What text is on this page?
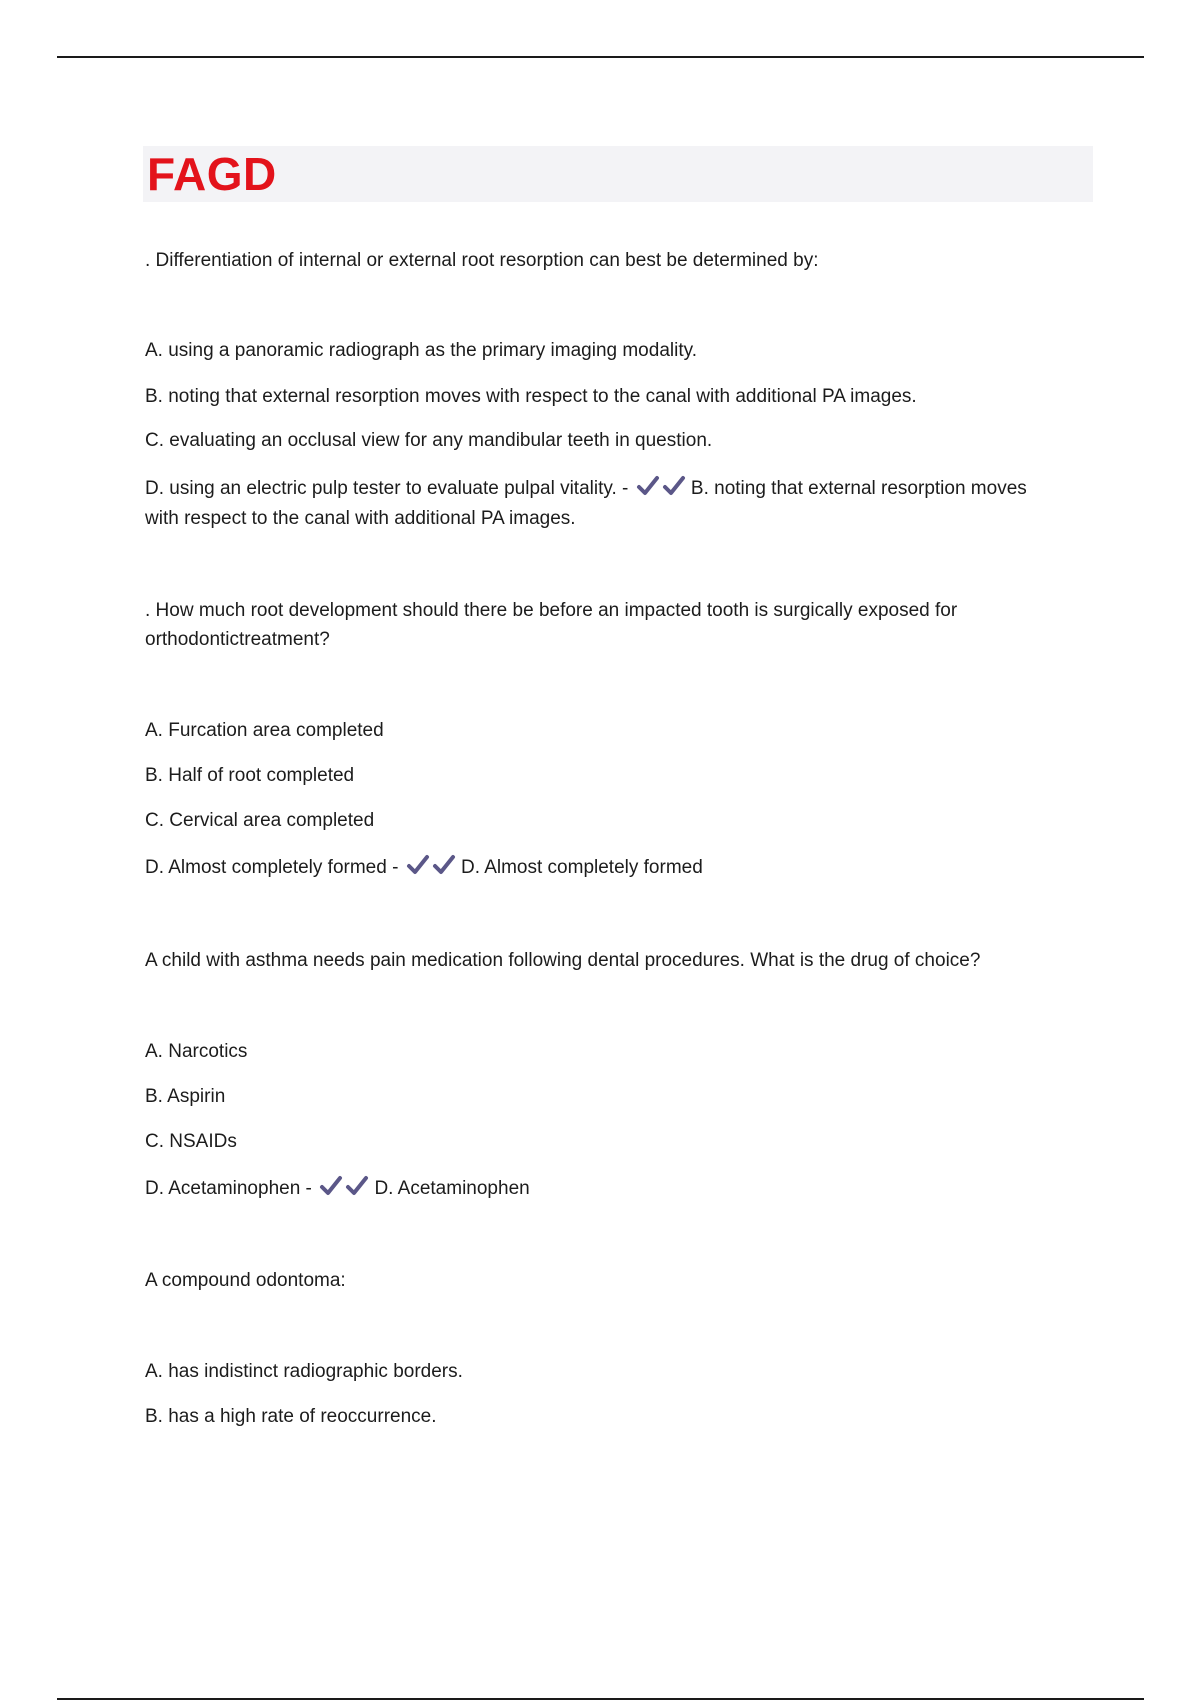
FAGD
. Differentiation of internal or external root resorption can best be determined by:
A. using a panoramic radiograph as the primary imaging modality.
B. noting that external resorption moves with respect to the canal with additional PA images.
C. evaluating an occlusal view for any mandibular teeth in question.
D. using an electric pulp tester to evaluate pulpal vitality. -	B. noting that external resorption moves with respect to the canal with additional PA images.
. How much root development should there be before an impacted tooth is surgically exposed for orthodontictreatment?
A. Furcation area completed
B. Half of root completed
C. Cervical area completed
D. Almost completely formed -	D. Almost completely formed
A child with asthma needs pain medication following dental procedures. What is the drug of choice?
A. Narcotics
B. Aspirin
C. NSAIDs
D. Acetaminophen -	D. Acetaminophen
A compound odontoma:
A. has indistinct radiographic borders.
B. has a high rate of reoccurrence.
